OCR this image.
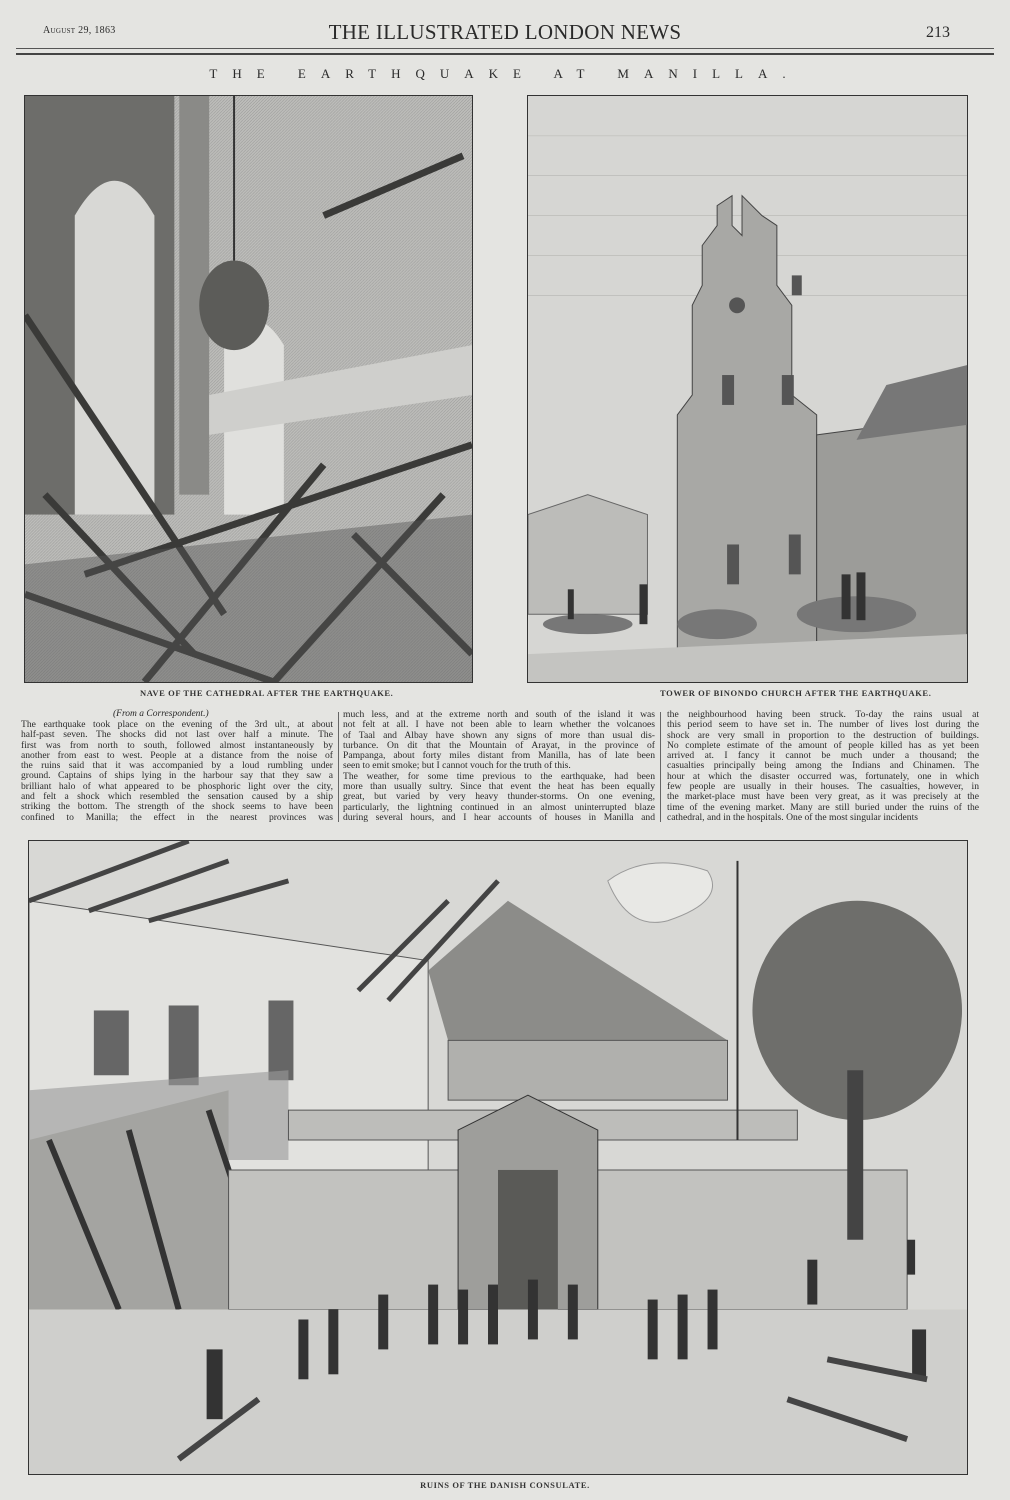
August 29, 1863	THE ILLUSTRATED LONDON NEWS	213
THE EARTHQUAKE AT MANILLA.
NAVE OF THE CATHEDRAL AFTER THE EARTHQUAKE.	TOWER OF BINONDO CHURCH AFTER THE EARTHQUAKE.
(From a Correspondent.)
The earthquake took place on the evening of the 3rd ult., at about
half-past seven. The shocks did not last over half a minute. The
first was from north to south, followed almost instantaneously by
another from east to west. People at a distance from the noise of
the ruins said that it was accompanied by a loud rumbling under
ground. Captains of ships lying in the harbour say that they saw a
brilliant halo of what appeared to be phosphoric light over the city,
and felt a shock which resembled the sensation caused by a ship
striking the bottom. The strength of the shock seems to have been
confined to Manilla; the effect in the nearest provinces was
much less, and at the extreme north and south of the island it was
not felt at all. I have not been able to learn whether the volcanoes
of Taal and Albay have shown any signs of more than usual dis-
turbance. On dit that the Mountain of Arayat, in the province of
Pampanga, about forty miles distant from Manilla, has of late been
seen to emit smoke; but I cannot vouch for the truth of this.
The weather, for some time previous to the earthquake, had been
more than usually sultry. Since that event the heat has been equally
great, but varied by very heavy thunder-storms. On one evening,
particularly, the lightning continued in an almost uninterrupted blaze
during several hours, and I hear accounts of houses in Manilla and
the neighbourhood having been struck. To-day the rains usual at
this period seem to have set in. The number of lives lost during the
shock are very small in proportion to the destruction of buildings.
No complete estimate of the amount of people killed has as yet been
arrived at. I fancy it cannot be much under a thousand; the
casualties principally being among the Indians and Chinamen. The
hour at which the disaster occurred was, fortunately, one in which
few people are usually in their houses. The casualties, however, in
the market-place must have been very great, as it was precisely at the
time of the evening market. Many are still buried under the ruins of the
cathedral, and in the hospitals. One of the most singular incidents
RUINS OF THE DANISH CONSULATE.
